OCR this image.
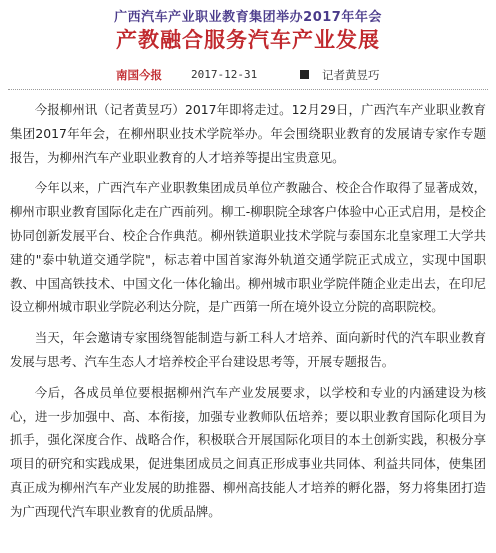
广西汽车产业职业教育集团举办2017年年会
产教融合服务汽车产业发展
南国今报	2017-12-31	记者黄昱巧

今报柳州讯（记者黄昱巧）2017年即将走过。12月29日，广西汽车产业职业教育集团2017年年会，在柳州职业技术学院举办。年会围绕职业教育的发展请专家作专题报告，为柳州汽车产业职业教育的人才培养等提出宝贵意见。

今年以来，广西汽车产业职教集团成员单位产教融合、校企合作取得了显著成效，柳州市职业教育国际化走在广西前列。柳工-柳职院全球客户体验中心正式启用，是校企协同创新发展平台、校企合作典范。柳州铁道职业技术学院与泰国东北皇家理工大学共建的"泰中轨道交通学院"，标志着中国首家海外轨道交通学院正式成立，实现中国职教、中国高铁技术、中国文化一体化输出。柳州城市职业学院伴随企业走出去，在印尼设立柳州城市职业学院必利达分院，是广西第一所在境外设立分院的高职院校。

当天，年会邀请专家围绕智能制造与新工科人才培养、面向新时代的汽车职业教育发展与思考、汽车生态人才培养校企平台建设思考等，开展专题报告。

今后，各成员单位要根据柳州汽车产业发展要求，以学校和专业的内涵建设为核心，进一步加强中、高、本衔接，加强专业教师队伍培养；要以职业教育国际化项目为抓手，强化深度合作、战略合作，积极联合开展国际化项目的本土创新实践，积极分享项目的研究和实践成果，促进集团成员之间真正形成事业共同体、利益共同体，使集团真正成为柳州汽车产业发展的助推器、柳州高技能人才培养的孵化器，努力将集团打造为广西现代汽车职业教育的优质品牌。
